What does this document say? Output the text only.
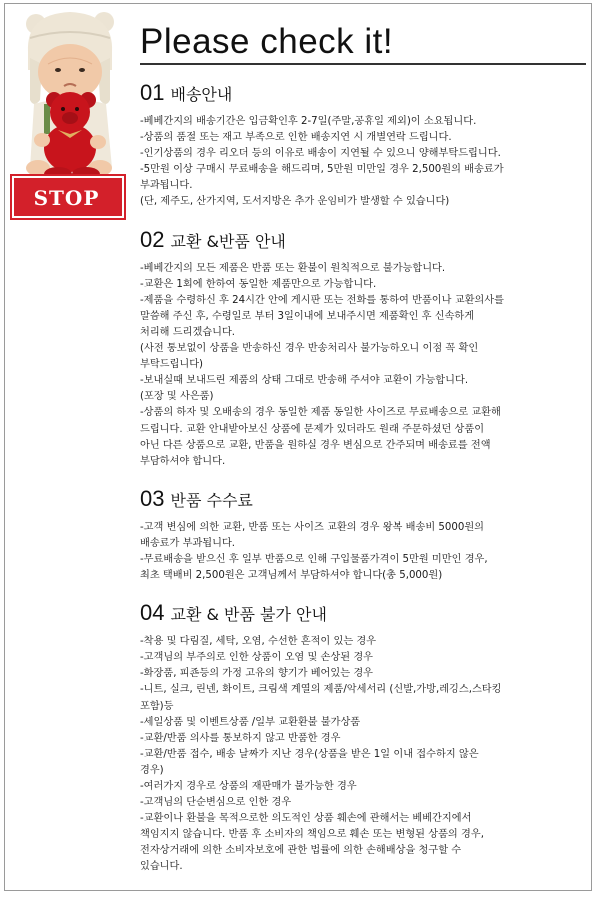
STOP
Please check it!
01 배송안내

-베베간지의 배송기간은 입금확인후 2-7일(주말,공휴일 제외)이 소요됩니다.

-상품의 품절 또는 재고 부족으로 인한 배송지연 시 개별연락 드립니다.

-인기상품의 경우 리오더 등의 이유로 배송이 지연될 수 있으니 양해부탁드립니다.

-5만원 이상 구매시 무료배송을 해드리며, 5만원 미만일 경우 2,500원의 배송료가

부과됩니다.

(단, 제주도, 산가지역, 도서지방은 추가 운임비가 발생할 수 있습니다)

02 교환 &반품 안내

-베베간지의 모든 제품은 반품 또는 환불이 원칙적으로 불가능합니다.

-교환은 1회에 한하여 동일한 제품만으로 가능합니다.

-제품을 수령하신 후 24시간 안에 게시판 또는 전화를 통하여 반품이나 교환의사를

말씀해 주신 후, 수령일로 부터 3일이내에 보내주시면 제품확인 후 신속하게

처리해 드리겠습니다.

(사전 통보없이 상품을 반송하신 경우 반송처리사 불가능하오니 이점 꼭 확인

부탁드립니다)

-보내실때 보내드린 제품의 상태 그대로 반송해 주셔야 교환이 가능합니다.

(포장 및 사은품)

-상품의 하자 및 오배송의 경우 동일한 제품 동일한 사이즈로 무료배송으로 교환해

드립니다. 교환 안내받아보신 상품에 문제가 있더라도 원래 주문하셨던 상품이

아닌 다른 상품으로 교환, 반품을 원하실 경우 변심으로 간주되며 배송료를 전액

부담하셔야 합니다.

03 반품 수수료

-고객 변심에 의한 교환, 반품 또는 사이즈 교환의 경우 왕복 배송비 5000원의

배송료가 부과됩니다.

-무료배송을 받으신 후 일부 반품으로 인해 구입물품가격이 5만원 미만인 경우,

최초 택배비 2,500원은 고객님께서 부담하셔야 합니다(총 5,000원)

04 교환 & 반품 불가 안내

-착용 및 다림질, 세탁, 오염, 수선한 흔적이 있는 경우

-고객님의 부주의로 인한 상품이 오염 및 손상된 경우

-화장품, 피죤등의 가정 고유의 향기가 베어있는 경우

-니트, 실크, 린넨, 화이트, 크림색 계열의 제품/악세서리 (신발,가방,레깅스,스타킹

포함)등

-세일상품 및 이벤트상품 /일부 교환환불 불가상품

-교환/반품 의사를 통보하지 않고 반품한 경우

-교환/반품 접수, 배송 날짜가 지난 경우(상품을 받은 1일 이내 접수하지 않은

경우)

-여러가지 경우로 상품의 재판매가 불가능한 경우

-고객님의 단순변심으로 인한 경우

-교환이나 환불을 목적으로한 의도적인 상품 훼손에 관해서는 베베간지에서

책임지지 않습니다. 반품 후 소비자의 책임으로 훼손 또는 변형된 상품의 경우,

전자상거래에 의한 소비자보호에 관한 법률에 의한 손해배상을 청구할 수

있습니다.
